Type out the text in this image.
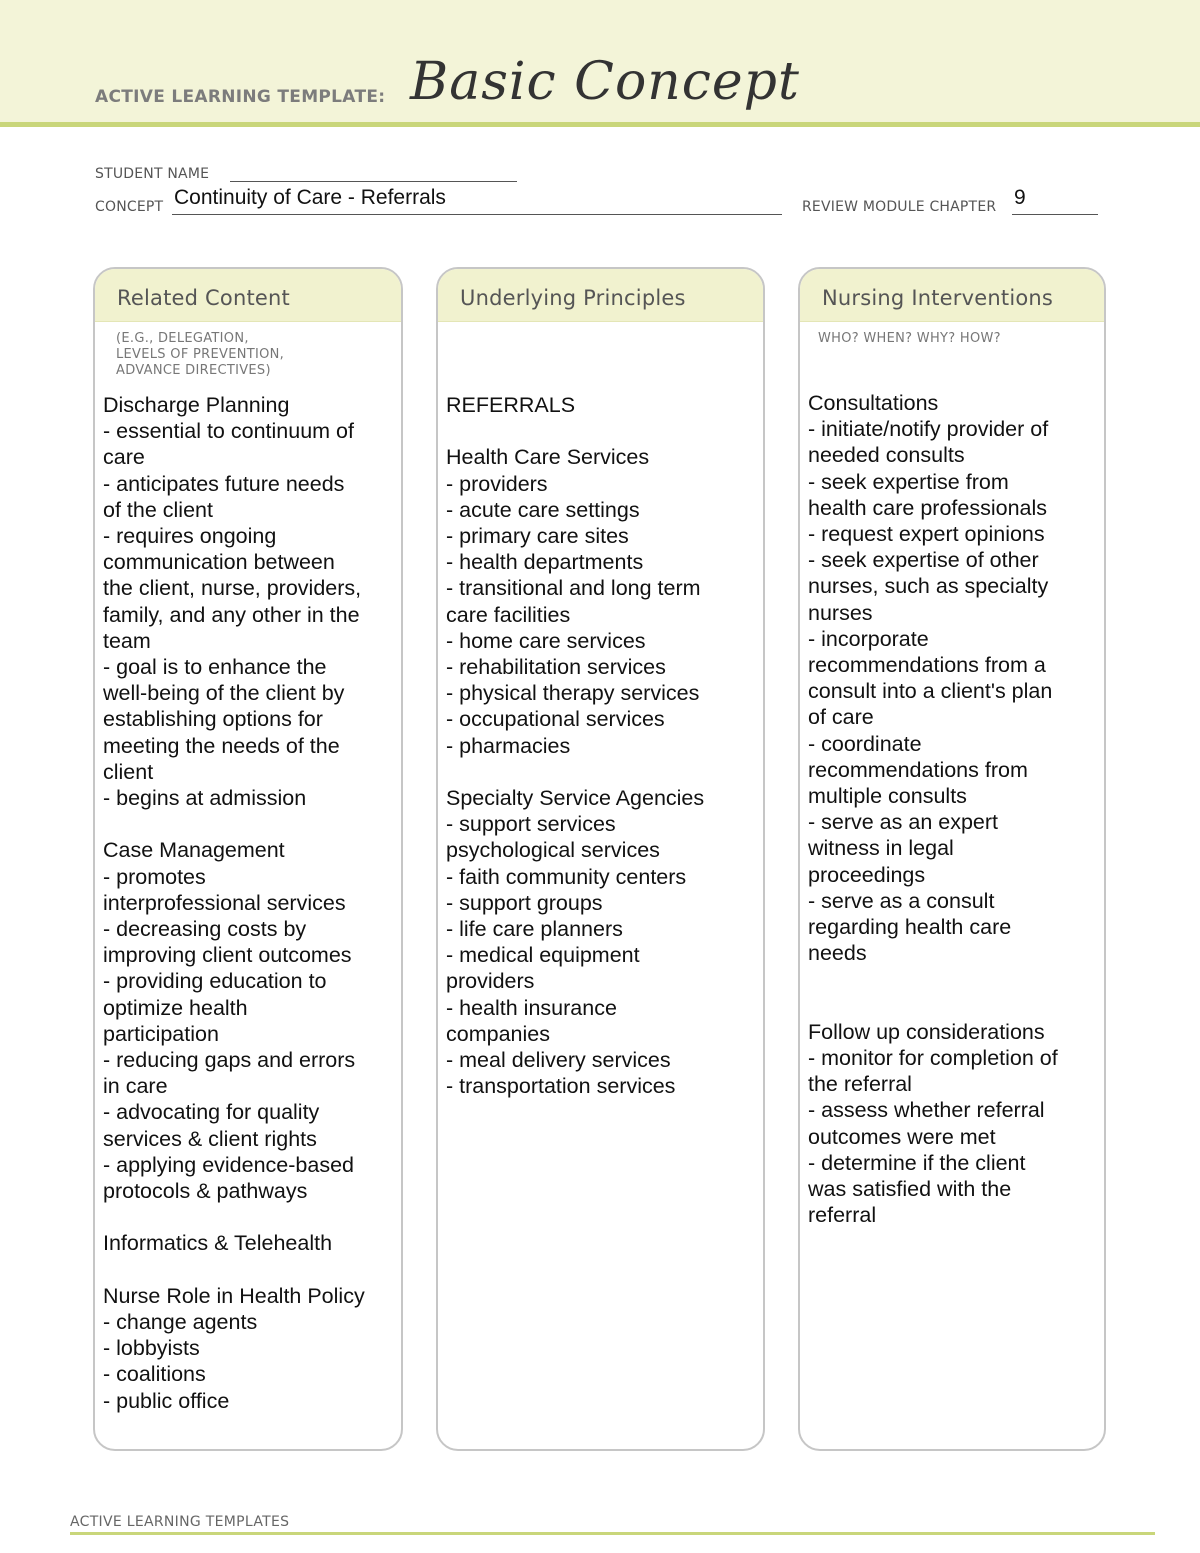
ACTIVE LEARNING TEMPLATE: Basic Concept
STUDENT NAME
CONCEPT Continuity of Care - Referrals	REVIEW MODULE CHAPTER 9
Related Content
(E.G., DELEGATION,
LEVELS OF PREVENTION,
ADVANCE DIRECTIVES)
Discharge Planning
- essential to continuum of
care
- anticipates future needs
of the client
- requires ongoing
communication between
the client, nurse, providers,
family, and any other in the
team
- goal is to enhance the
well-being of the client by
establishing options for
meeting the needs of the
client
- begins at admission
Case Management
- promotes
interprofessional services
- decreasing costs by
improving client outcomes
- providing education to
optimize health
participation
- reducing gaps and errors
in care
- advocating for quality
services & client rights
- applying evidence-based
protocols & pathways
Informatics & Telehealth
Nurse Role in Health Policy
- change agents
- lobbyists
- coalitions
- public office
Underlying Principles
REFERRALS
Health Care Services
- providers
- acute care settings
- primary care sites
- health departments
- transitional and long term
care facilities
- home care services
- rehabilitation services
- physical therapy services
- occupational services
- pharmacies
Specialty Service Agencies
- support services
psychological services
- faith community centers
- support groups
- life care planners
- medical equipment
providers
- health insurance
companies
- meal delivery services
- transportation services
Nursing Interventions
WHO? WHEN? WHY? HOW?
Consultations
- initiate/notify provider of
needed consults
- seek expertise from
health care professionals
- request expert opinions
- seek expertise of other
nurses, such as specialty
nurses
- incorporate
recommendations from a
consult into a client's plan
of care
- coordinate
recommendations from
multiple consults
- serve as an expert
witness in legal
proceedings
- serve as a consult
regarding health care
needs
Follow up considerations
- monitor for completion of
the referral
- assess whether referral
outcomes were met
- determine if the client
was satisfied with the
referral
ACTIVE LEARNING TEMPLATES
